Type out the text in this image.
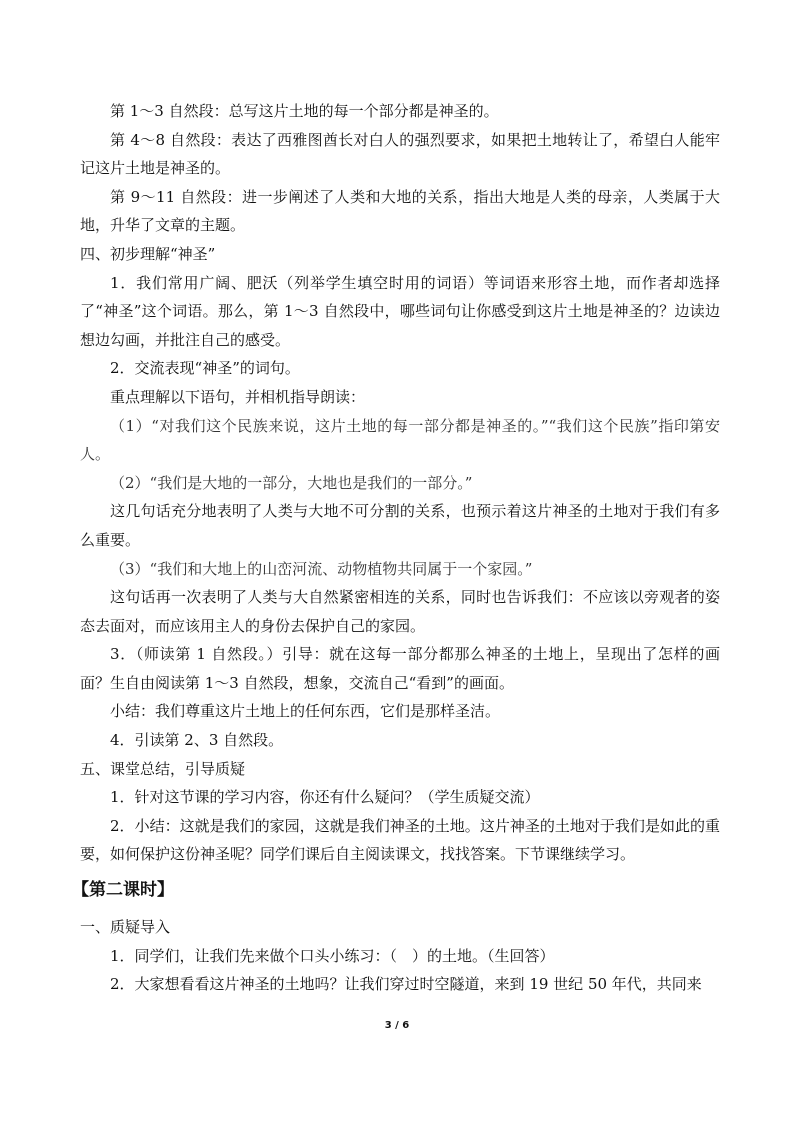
第 1～3 自然段：总写这片土地的每一个部分都是神圣的。

第 4～8 自然段：表达了西雅图酋长对白人的强烈要求，如果把土地转让了，希望白人能牢记这片土地是神圣的。

第 9～11 自然段：进一步阐述了人类和大地的关系，指出大地是人类的母亲，人类属于大地，升华了文章的主题。

四、初步理解“神圣”

1．我们常用广阔、肥沃（列举学生填空时用的词语）等词语来形容土地，而作者却选择了“神圣”这个词语。那么，第 1～3 自然段中，哪些词句让你感受到这片土地是神圣的？边读边想边勾画，并批注自己的感受。

2．交流表现“神圣”的词句。

重点理解以下语句，并相机指导朗读：

（1）“对我们这个民族来说，这片土地的每一部分都是神圣的。”“我们这个民族”指印第安人。

（2）“我们是大地的一部分，大地也是我们的一部分。”

这几句话充分地表明了人类与大地不可分割的关系，也预示着这片神圣的土地对于我们有多么重要。

（3）“我们和大地上的山峦河流、动物植物共同属于一个家园。”

这句话再一次表明了人类与大自然紧密相连的关系，同时也告诉我们：不应该以旁观者的姿态去面对，而应该用主人的身份去保护自己的家园。

3．（师读第 1 自然段。）引导：就在这每一部分都那么神圣的土地上，呈现出了怎样的画面？生自由阅读第 1～3 自然段，想象，交流自己“看到”的画面。

小结：我们尊重这片土地上的任何东西，它们是那样圣洁。

4．引读第 2、3 自然段。

五、课堂总结，引导质疑

1．针对这节课的学习内容，你还有什么疑问？（学生质疑交流）

2．小结：这就是我们的家园，这就是我们神圣的土地。这片神圣的土地对于我们是如此的重要，如何保护这份神圣呢？同学们课后自主阅读课文，找找答案。下节课继续学习。

【第二课时】

一、质疑导入

1．同学们，让我们先来做个口头小练习：（　）的土地。（生回答）

2．大家想看看这片神圣的土地吗？让我们穿过时空隧道，来到 19 世纪 50 年代，共同来

3 / 6
